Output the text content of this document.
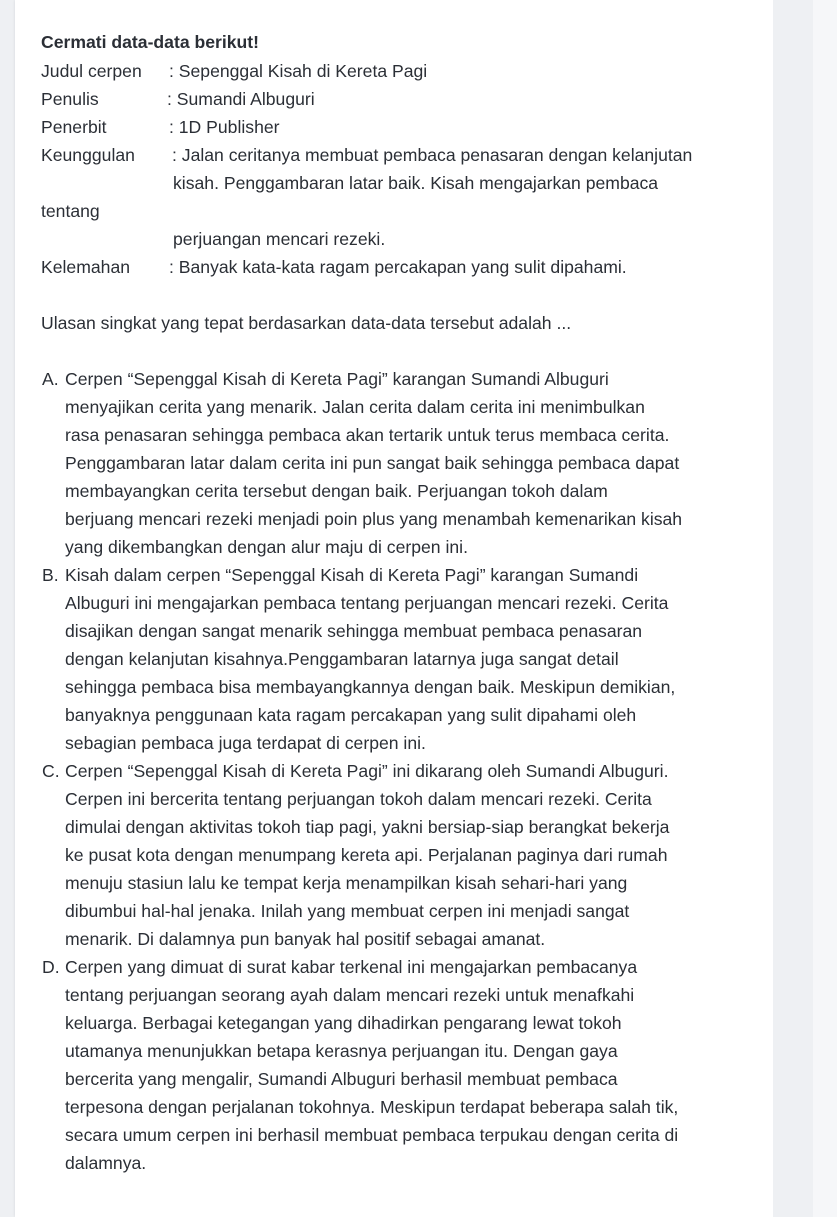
Cermati data-data berikut!
Judul cerpen : Sepenggal Kisah di Kereta Pagi
Penulis	: Sumandi Albuguri
Penerbit	: 1D Publisher
Keunggulan : Jalan ceritanya membuat pembaca penasaran dengan kelanjutan
kisah. Penggambaran latar baik. Kisah mengajarkan pembaca
tentang
perjuangan mencari rezeki.
Kelemahan : Banyak kata-kata ragam percakapan yang sulit dipahami.
Ulasan singkat yang tepat berdasarkan data-data tersebut adalah ...
A. Cerpen “Sepenggal Kisah di Kereta Pagi” karangan Sumandi Albuguri
menyajikan cerita yang menarik. Jalan cerita dalam cerita ini menimbulkan
rasa penasaran sehingga pembaca akan tertarik untuk terus membaca cerita.
Penggambaran latar dalam cerita ini pun sangat baik sehingga pembaca dapat
membayangkan cerita tersebut dengan baik. Perjuangan tokoh dalam
berjuang mencari rezeki menjadi poin plus yang menambah kemenarikan kisah
yang dikembangkan dengan alur maju di cerpen ini.
B. Kisah dalam cerpen “Sepenggal Kisah di Kereta Pagi” karangan Sumandi
Albuguri ini mengajarkan pembaca tentang perjuangan mencari rezeki. Cerita
disajikan dengan sangat menarik sehingga membuat pembaca penasaran
dengan kelanjutan kisahnya.Penggambaran latarnya juga sangat detail
sehingga pembaca bisa membayangkannya dengan baik. Meskipun demikian,
banyaknya penggunaan kata ragam percakapan yang sulit dipahami oleh
sebagian pembaca juga terdapat di cerpen ini.
C. Cerpen “Sepenggal Kisah di Kereta Pagi” ini dikarang oleh Sumandi Albuguri.
Cerpen ini bercerita tentang perjuangan tokoh dalam mencari rezeki. Cerita
dimulai dengan aktivitas tokoh tiap pagi, yakni bersiap-siap berangkat bekerja
ke pusat kota dengan menumpang kereta api. Perjalanan paginya dari rumah
menuju stasiun lalu ke tempat kerja menampilkan kisah sehari-hari yang
dibumbui hal-hal jenaka. Inilah yang membuat cerpen ini menjadi sangat
menarik. Di dalamnya pun banyak hal positif sebagai amanat.
D. Cerpen yang dimuat di surat kabar terkenal ini mengajarkan pembacanya
tentang perjuangan seorang ayah dalam mencari rezeki untuk menafkahi
keluarga. Berbagai ketegangan yang dihadirkan pengarang lewat tokoh
utamanya menunjukkan betapa kerasnya perjuangan itu. Dengan gaya
bercerita yang mengalir, Sumandi Albuguri berhasil membuat pembaca
terpesona dengan perjalanan tokohnya. Meskipun terdapat beberapa salah tik,
secara umum cerpen ini berhasil membuat pembaca terpukau dengan cerita di
dalamnya.
